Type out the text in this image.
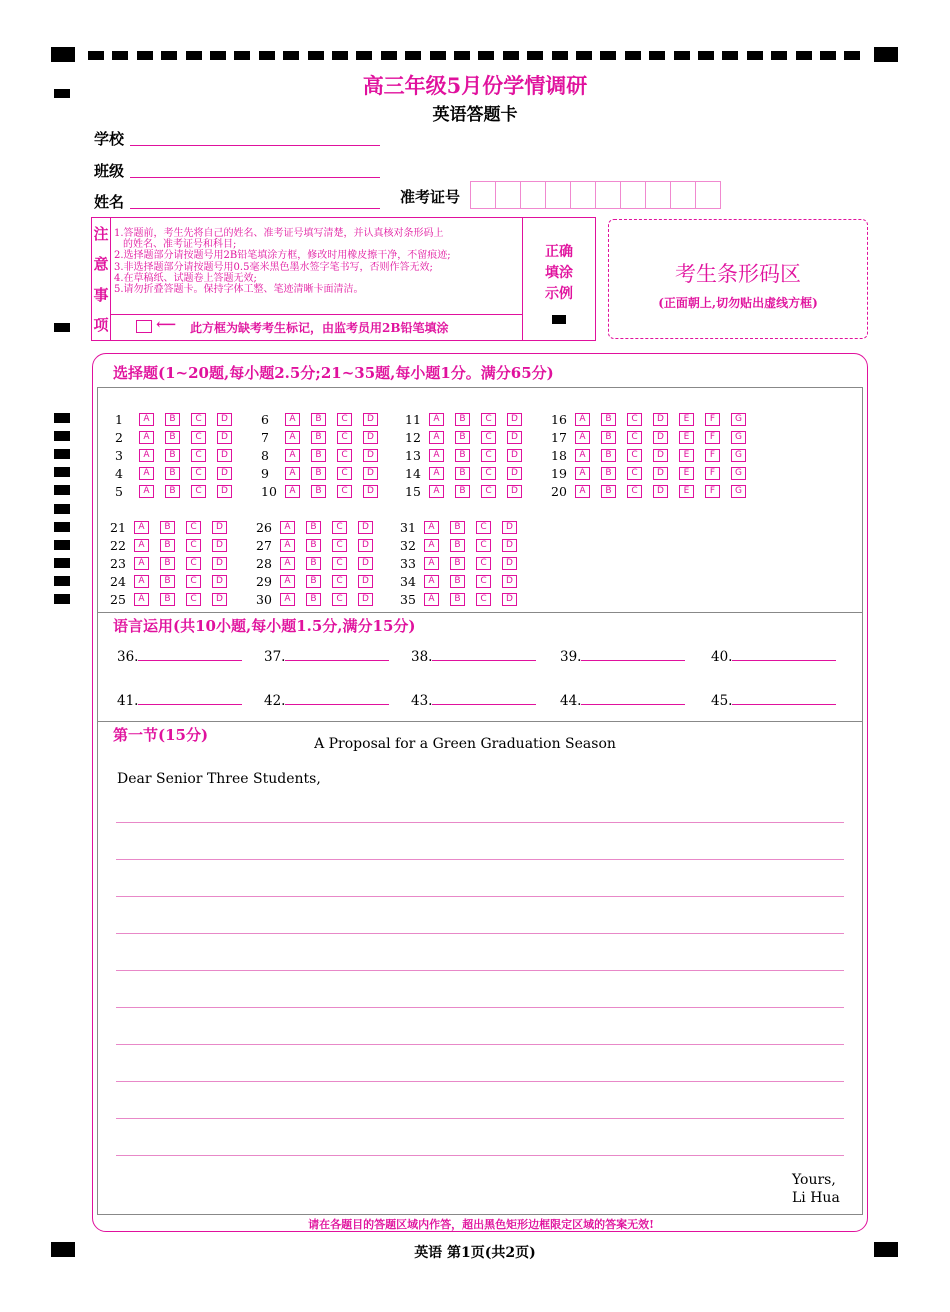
高三年级5月份学情调研
英语答题卡
学校
班级
姓名	准考证号
注
意
事
项
1.答题前，考生先将自己的姓名、准考证号填写清楚，并认真核对条形码上
的姓名、准考证号和科目;
2.选择题部分请按题号用2B铅笔填涂方框，修改时用橡皮擦干净，不留痕迹;
3.非选择题部分请按题号用0.5毫米黑色墨水签字笔书写，否则作答无效;
4.在草稿纸、试题卷上答题无效;
5.请勿折叠答题卡。保持字体工整、笔迹清晰卡面清洁。
⟵ 此方框为缺考考生标记，由监考员用2B铅笔填涂
正确
填涂
示例
考生条形码区
(正面朝上,切勿贴出虚线方框)
选择题(1~20题,每小题2.5分;21~35题,每小题1分。满分65分)
1	A	B	C	D
2	A	B	C	D
3	A	B	C	D
4	A	B	C	D
5	A	B	C	D
6	A	B	C	D
7	A	B	C	D
8	A	B	C	D
9	A	B	C	D
10	A	B	C	D
11	A	B	C	D
12	A	B	C	D
13	A	B	C	D
14	A	B	C	D
15	A	B	C	D
16	A	B	C	D	E	F	G
17	A	B	C	D	E	F	G
18	A	B	C	D	E	F	G
19	A	B	C	D	E	F	G
20	A	B	C	D	E	F	G
21	A	B	C	D
22	A	B	C	D
23	A	B	C	D
24	A	B	C	D
25	A	B	C	D
26	A	B	C	D
27	A	B	C	D
28	A	B	C	D
29	A	B	C	D
30	A	B	C	D
31	A	B	C	D
32	A	B	C	D
33	A	B	C	D
34	A	B	C	D
35	A	B	C	D
语言运用(共10小题,每小题1.5分,满分15分)
36.	37.	38.	39.	40.
41.	42.	43.	44.	45.
第一节(15分)	A Proposal for a Green Graduation Season
Dear Senior Three Students,
Yours,
Li Hua
请在各题目的答题区域内作答，超出黑色矩形边框限定区域的答案无效!
英语 第1页(共2页)
